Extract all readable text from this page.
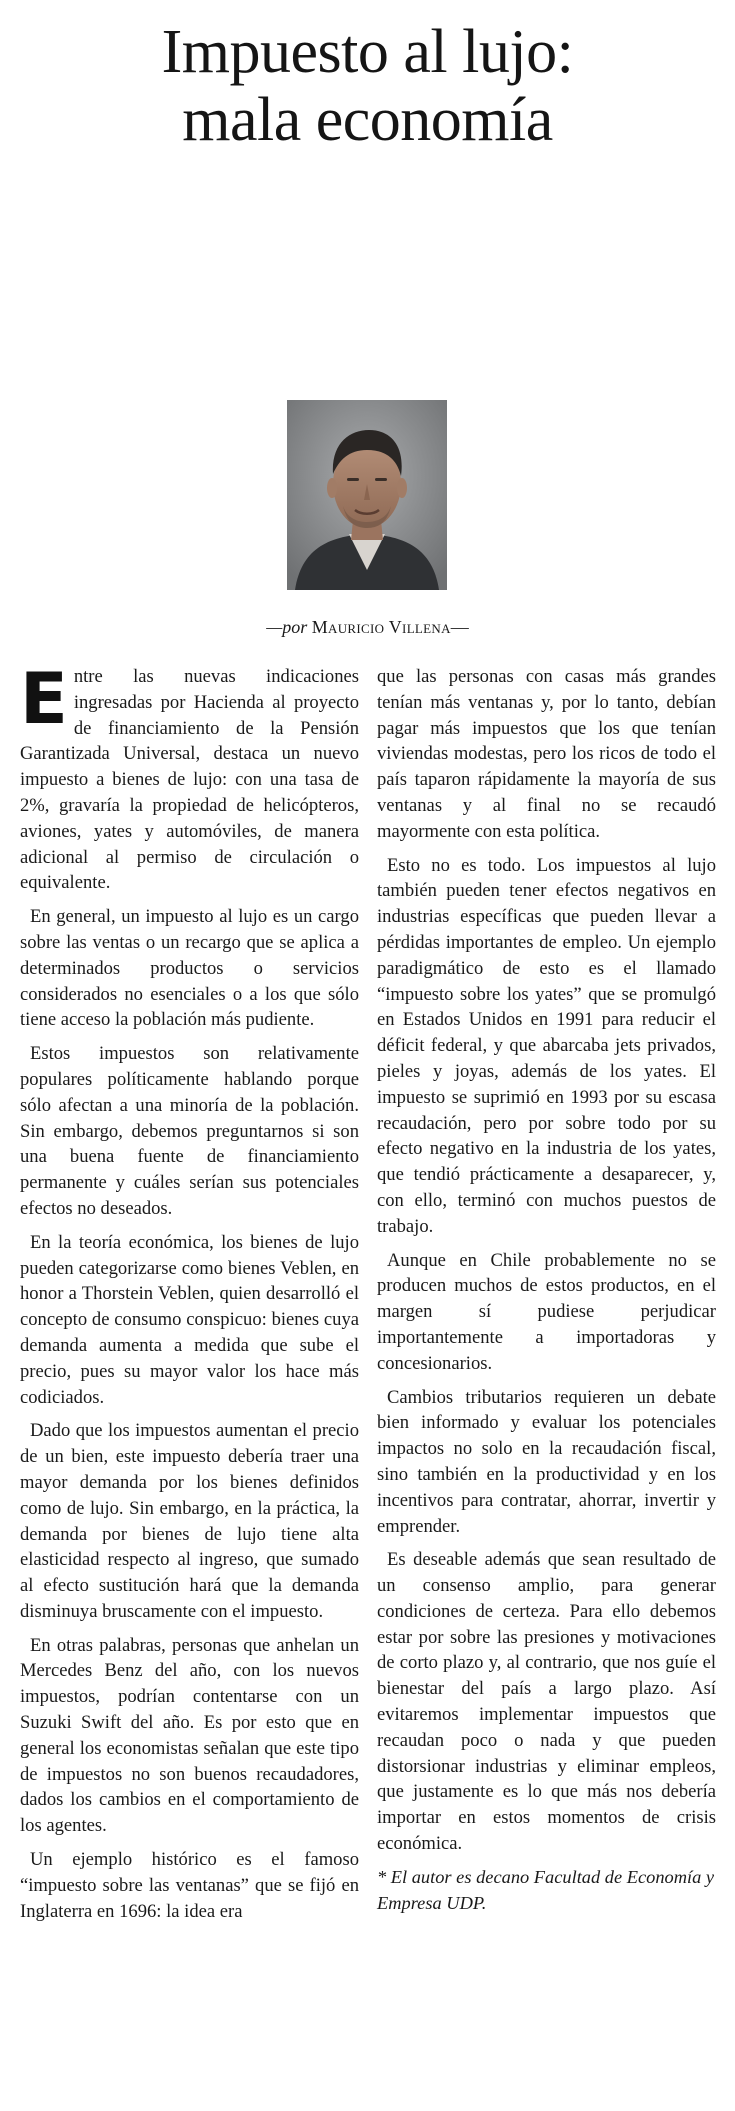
Impuesto al lujo:
mala economía
—por Mauricio Villena—

Entre las nuevas indicaciones ingresadas por Hacienda al proyecto de financiamiento de la Pensión Garantizada Universal, destaca un nuevo impuesto a bienes de lujo: con una tasa de 2%, gravaría la propiedad de helicópteros, aviones, yates y automóviles, de manera adicional al permiso de circulación o equivalente.

En general, un impuesto al lujo es un cargo sobre las ventas o un recargo que se aplica a determinados productos o servicios considerados no esenciales o a los que sólo tiene acceso la población más pudiente.

Estos impuestos son relativamente populares políticamente hablando porque sólo afectan a una minoría de la población. Sin embargo, debemos preguntarnos si son una buena fuente de financiamiento permanente y cuáles serían sus potenciales efectos no deseados.

En la teoría económica, los bienes de lujo pueden categorizarse como bienes Veblen, en honor a Thorstein Veblen, quien desarrolló el concepto de consumo conspicuo: bienes cuya demanda aumenta a medida que sube el precio, pues su mayor valor los hace más codiciados.

Dado que los impuestos aumentan el precio de un bien, este impuesto debería traer una mayor demanda por los bienes definidos como de lujo. Sin embargo, en la práctica, la demanda por bienes de lujo tiene alta elasticidad respecto al ingreso, que sumado al efecto sustitución hará que la demanda disminuya bruscamente con el impuesto.

En otras palabras, personas que anhelan un Mercedes Benz del año, con los nuevos impuestos, podrían contentarse con un Suzuki Swift del año. Es por esto que en general los economistas señalan que este tipo de impuestos no son buenos recaudadores, dados los cambios en el comportamiento de los agentes.

Un ejemplo histórico es el famoso “impuesto sobre las ventanas” que se fijó en Inglaterra en 1696: la idea era

que las personas con casas más grandes tenían más ventanas y, por lo tanto, debían pagar más impuestos que los que tenían viviendas modestas, pero los ricos de todo el país taparon rápidamente la mayoría de sus ventanas y al final no se recaudó mayormente con esta política.

Esto no es todo. Los impuestos al lujo también pueden tener efectos negativos en industrias específicas que pueden llevar a pérdidas importantes de empleo. Un ejemplo paradigmático de esto es el llamado “impuesto sobre los yates” que se promulgó en Estados Unidos en 1991 para reducir el déficit federal, y que abarcaba jets privados, pieles y joyas, además de los yates. El impuesto se suprimió en 1993 por su escasa recaudación, pero por sobre todo por su efecto negativo en la industria de los yates, que tendió prácticamente a desaparecer, y, con ello, terminó con muchos puestos de trabajo.

Aunque en Chile probablemente no se producen muchos de estos productos, en el margen sí pudiese perjudicar importantemente a importadoras y concesionarios.

Cambios tributarios requieren un debate bien informado y evaluar los potenciales impactos no solo en la recaudación fiscal, sino también en la productividad y en los incentivos para contratar, ahorrar, invertir y emprender.

Es deseable además que sean resultado de un consenso amplio, para generar condiciones de certeza. Para ello debemos estar por sobre las presiones y motivaciones de corto plazo y, al contrario, que nos guíe el bienestar del país a largo plazo. Así evitaremos implementar impuestos que recaudan poco o nada y que pueden distorsionar industrias y eliminar empleos, que justamente es lo que más nos debería importar en estos momentos de crisis económica.

* El autor es decano Facultad de Economía y Empresa UDP.
